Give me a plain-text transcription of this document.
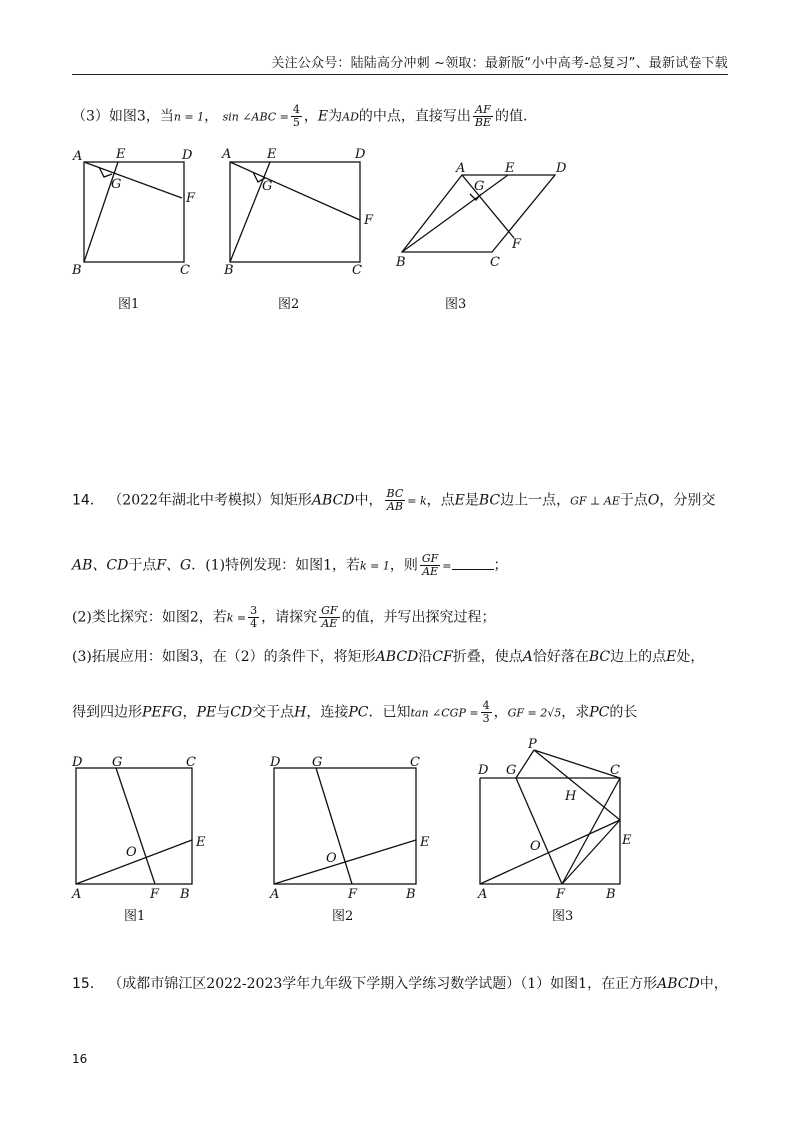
关注公众号：陆陆高分冲刺 ~领取：最新版“小中高考-总复习”、最新试卷下载
（3）如图3，当n = 1， sin ∠ABC = $\frac{4}{5}$ ，E为AD的中点，直接写出 $\frac{AF}{BE}$ 的值.
A	E	D
G
F
B	C
图1
A	E	D
G
F
B	C
图2
A	E	D
G
F
B	C
图3
14． （2022年湖北中考模拟）知矩形ABCD中， $\frac{BC}{AB} = k$，点E是BC边上一点，GF ⊥ AE于点O，分别交
AB、CD于点F、G．(1)特例发现：如图1，若k = 1，则 $\frac{GF}{AE}$ =	；
(2)类比探究：如图2，若$k = \frac{3}{4}$ ，请探究 $\frac{GF}{AE}$ 的值，并写出探究过程；
(3)拓展应用：如图3，在（2）的条件下，将矩形ABCD沿CF折叠，使点A恰好落在BC边上的点E处，
得到四边形PEFG，PE与CD交于点H，连接PC．已知tan ∠CGP = $\frac{4}{3}$ ，GF = 2√5，求PC的长
D G	C
O
E
A	F B
图1
D G	C
O
E
A	F	B
图2
P
D G	C
H
O	E
A	F	B
图3
15． （成都市锦江区2022-2023学年九年级下学期入学练习数学试题）（1）如图1，在正方形ABCD中，
16
